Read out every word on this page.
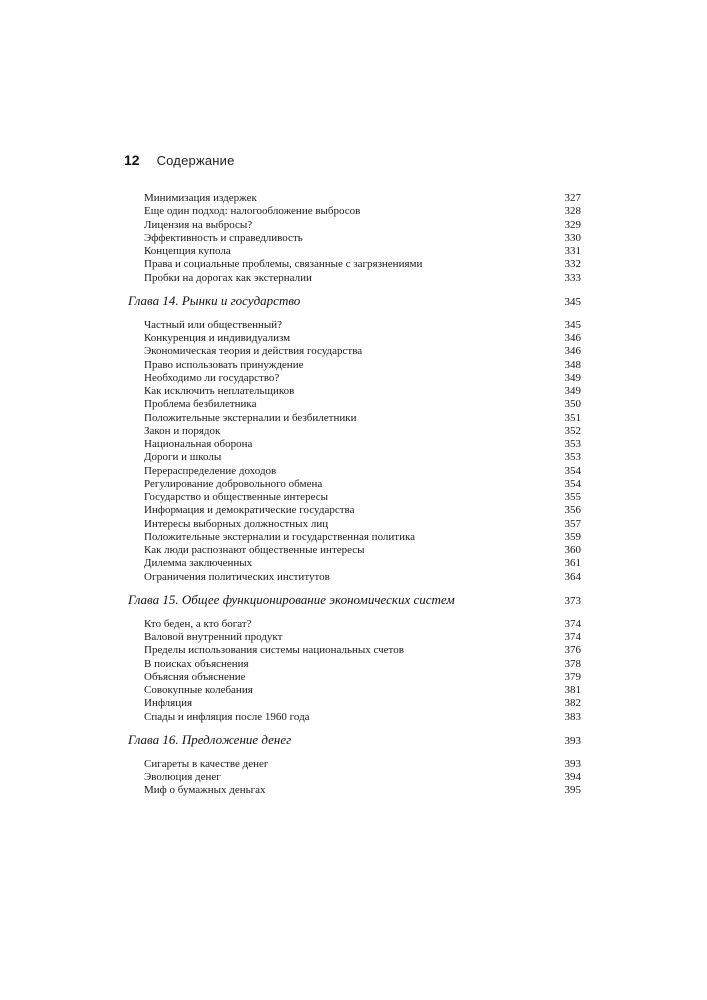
12 Содержание
Минимизация издержек	327
Еще один подход: налогообложение выбросов	328
Лицензия на выбросы?	329
Эффективность и справедливость	330
Концепция купола	331
Права и социальные проблемы, связанные с загрязнениями	332
Пробки на дорогах как экстерналии	333
Глава 14. Рынки и государство	345
Частный или общественный?	345
Конкуренция и индивидуализм	346
Экономическая теория и действия государства	346
Право использовать принуждение	348
Необходимо ли государство?	349
Как исключить неплательщиков	349
Проблема безбилетника	350
Положительные экстерналии и безбилетники	351
Закон и порядок	352
Национальная оборона	353
Дороги и школы	353
Перераспределение доходов	354
Регулирование добровольного обмена	354
Государство и общественные интересы	355
Информация и демократические государства	356
Интересы выборных должностных лиц	357
Положительные экстерналии и государственная политика	359
Как люди распознают общественные интересы	360
Дилемма заключенных	361
Ограничения политических институтов	364
Глава 15. Общее функционирование экономических систем	373
Кто беден, а кто богат?	374
Валовой внутренний продукт	374
Пределы использования системы национальных счетов	376
В поисках объяснения	378
Объясняя объяснение	379
Совокупные колебания	381
Инфляция	382
Спады и инфляция после 1960 года	383
Глава 16. Предложение денег	393
Сигареты в качестве денег	393
Эволюция денег	394
Миф о бумажных деньгах	395
